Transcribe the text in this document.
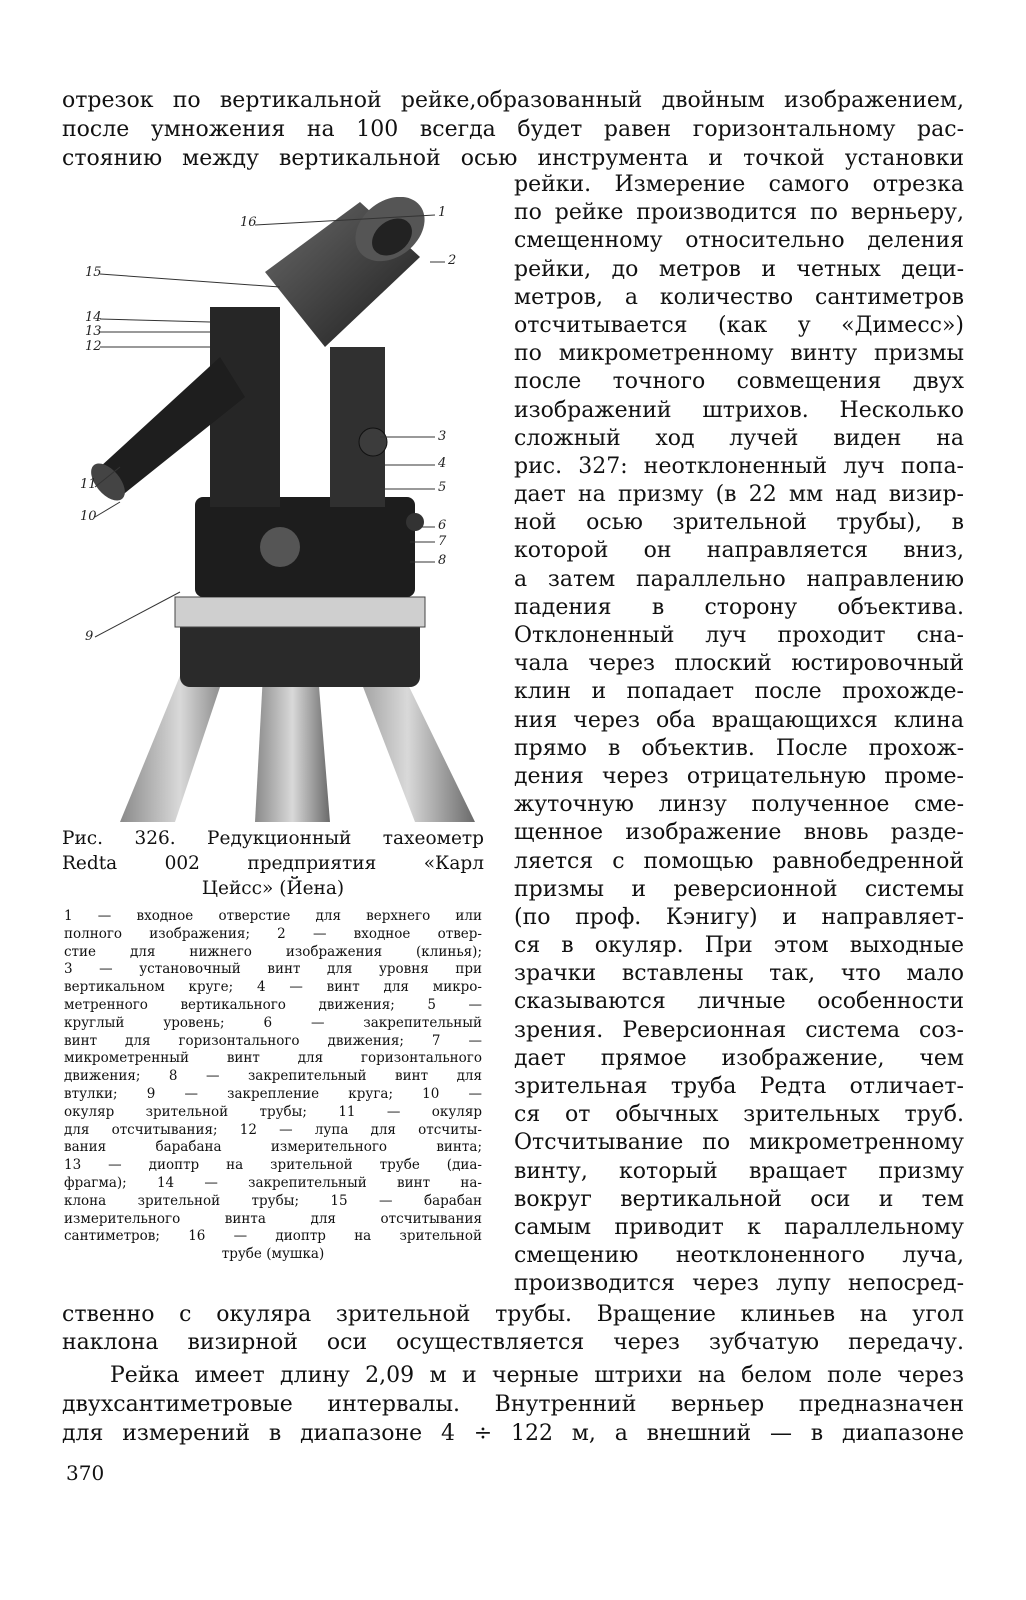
отрезок по вертикальной рейке,образованный двойным изображением,
после умножения на 100 всегда будет равен горизонтальному рас-
стоянию между вертикальной осью инструмента и точкой установки
16
1
2
15
14
13
12
3
4
5
11
10
6
7
8
9
Рис. 326. Редукционный тахеометр
Redta 002 предприятия «Карл
Цейсс» (Йена)
1 — входное отверстие для верхнего или
полного изображения; 2 — входное отвер-
стие для нижнего изображения (клинья);
3 — установочный винт для уровня при
вертикальном круге; 4 — винт для микро-
метренного вертикального движения; 5 —
круглый уровень; 6 — закрепительный
винт для горизонтального движения; 7 —
микрометренный винт для горизонтального
движения; 8 — закрепительный винт для
втулки; 9 — закрепление круга; 10 —
окуляр зрительной трубы; 11 — окуляр
для отсчитывания; 12 — лупа для отсчиты-
вания барабана измерительного винта;
13 — диоптр на зрительной трубе (диа-
фрагма); 14 — закрепительный винт на-
клона зрительной трубы; 15 — барабан
измерительного винта для отсчитывания
сантиметров; 16 — диоптр на зрительной
трубе (мушка)
рейки. Измерение самого отрезка
по рейке производится по верньеру,
смещенному относительно деления
рейки, до метров и четных деци-
метров, а количество сантиметров
отсчитывается (как у «Димесс»)
по микрометренному винту призмы
после точного совмещения двух
изображений штрихов. Несколько
сложный ход лучей виден на
рис. 327: неотклоненный луч попа-
дает на призму (в 22 мм над визир-
ной осью зрительной трубы), в
которой он направляется вниз,
а затем параллельно направлению
падения в сторону объектива.
Отклоненный луч проходит сна-
чала через плоский юстировочный
клин и попадает после прохожде-
ния через оба вращающихся клина
прямо в объектив. После прохож-
дения через отрицательную проме-
жуточную линзу полученное сме-
щенное изображение вновь разде-
ляется с помощью равнобедренной
призмы и реверсионной системы
(по проф. Кэнигу) и направляет-
ся в окуляр. При этом выходные
зрачки вставлены так, что мало
сказываются личные особенности
зрения. Реверсионная система соз-
дает прямое изображение, чем
зрительная труба Редта отличает-
ся от обычных зрительных труб.
Отсчитывание по микрометренному
винту, который вращает призму
вокруг вертикальной оси и тем
самым приводит к параллельному
смещению неотклоненного луча,
производится через лупу непосред-
ственно с окуляра зрительной трубы. Вращение клиньев на угол
наклона визирной оси осуществляется через зубчатую передачу.
Рейка имеет длину 2,09 м и черные штрихи на белом поле через
двухсантиметровые интервалы. Внутренний верньер предназначен
для измерений в диапазоне 4 ÷ 122 м, а внешний — в диапазоне
370
